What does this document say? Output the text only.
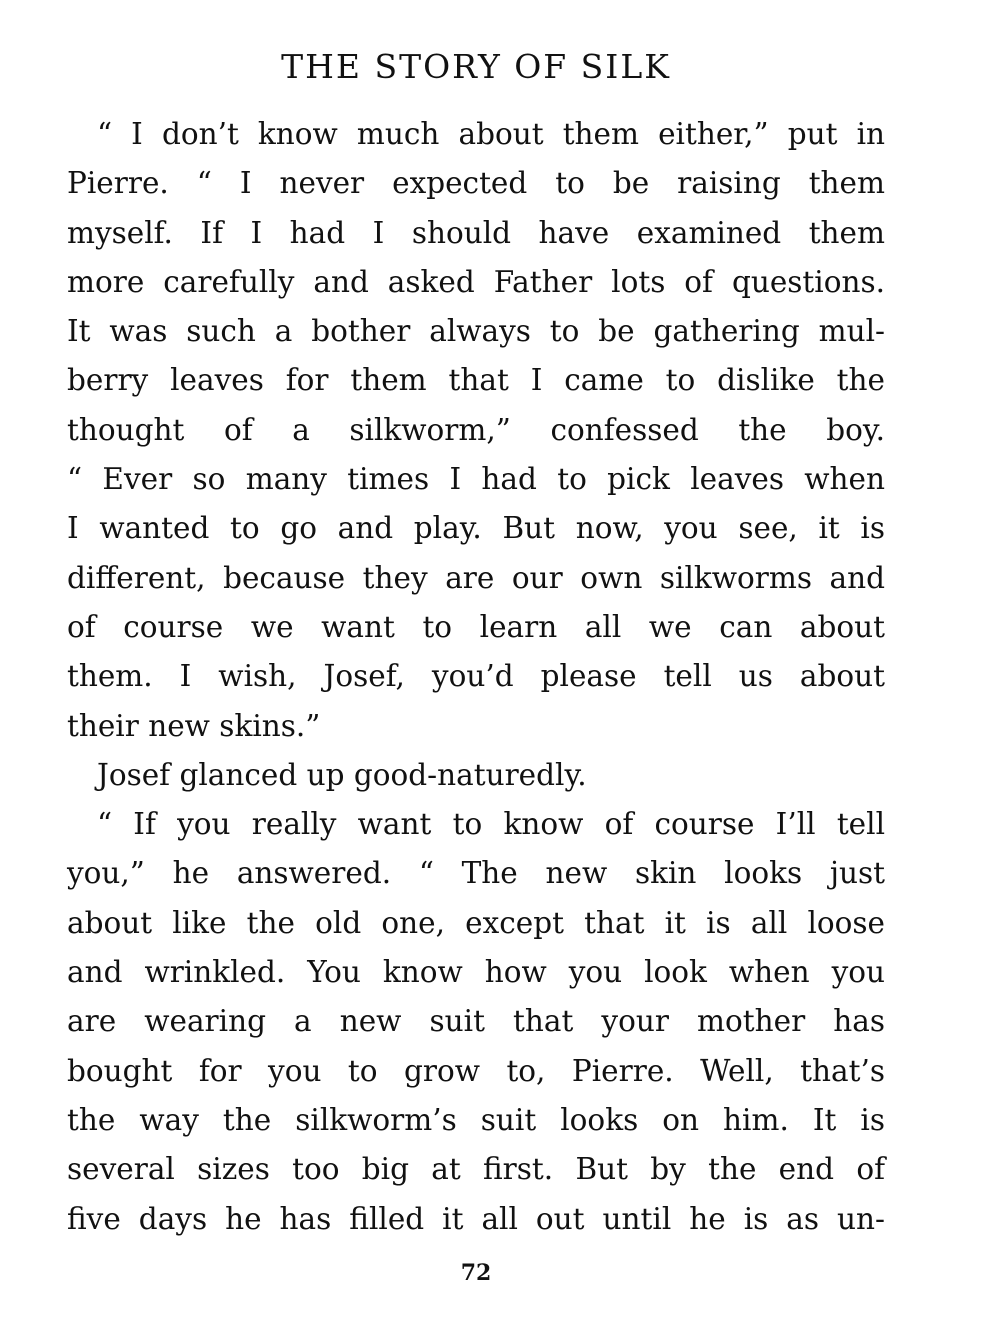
THE STORY OF SILK
“ I don’t know much about them either,” put in
Pierre. “ I never expected to be raising them
myself. If I had I should have examined them
more carefully and asked Father lots of questions.
It was such a bother always to be gathering mul-
berry leaves for them that I came to dislike the
thought of a silkworm,” confessed the boy.
“ Ever so many times I had to pick leaves when
I wanted to go and play. But now, you see, it is
different, because they are our own silkworms and
of course we want to learn all we can about
them. I wish, Josef, you’d please tell us about
their new skins.”
Josef glanced up good-naturedly.
“ If you really want to know of course I’ll tell
you,” he answered. “ The new skin looks just
about like the old one, except that it is all loose
and wrinkled. You know how you look when you
are wearing a new suit that your mother has
bought for you to grow to, Pierre. Well, that’s
the way the silkworm’s suit looks on him. It is
several sizes too big at first. But by the end of
five days he has filled it all out until he is as un-
72
